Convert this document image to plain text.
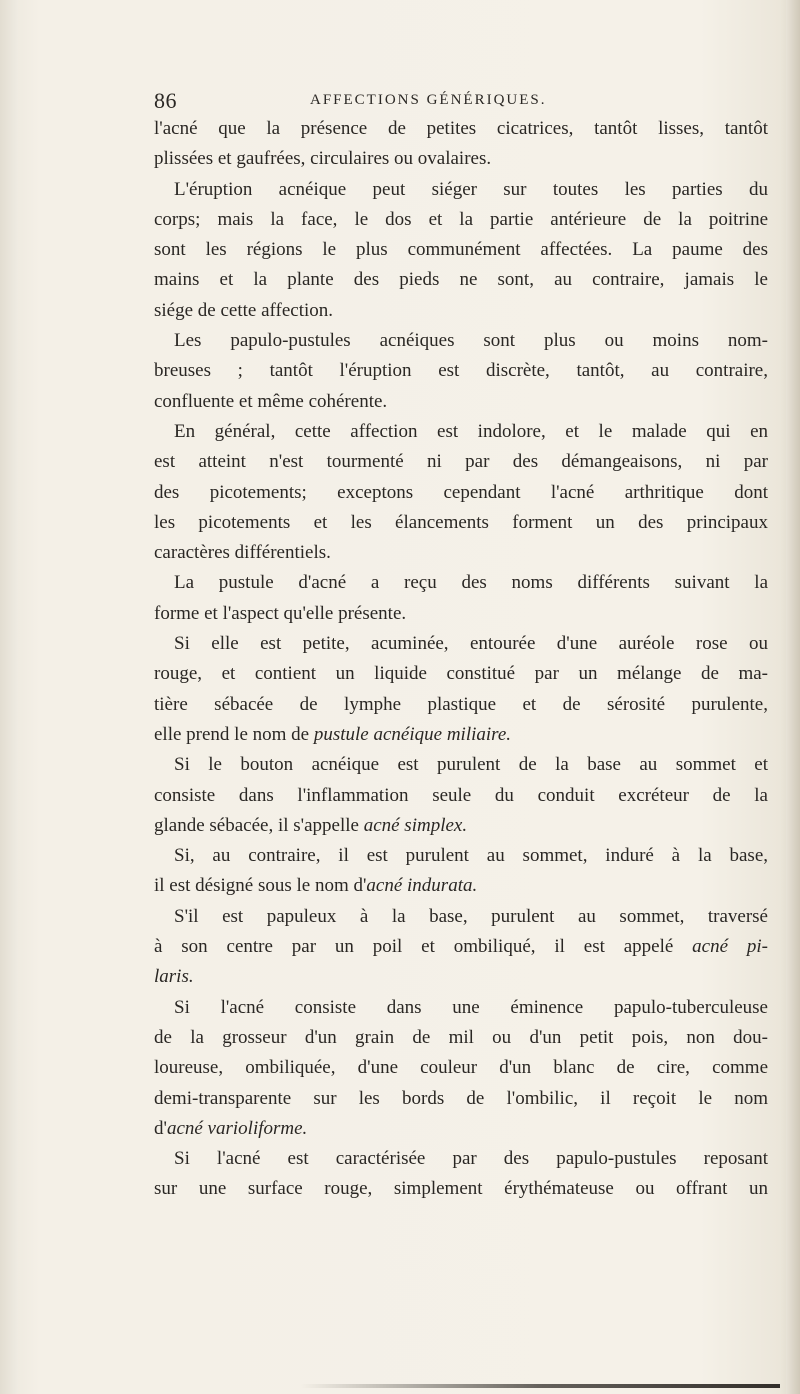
86	AFFECTIONS GÉNÉRIQUES.
l'acné que la présence de petites cicatrices, tantôt lisses, tantôt
plissées et gaufrées, circulaires ou ovalaires.
L'éruption acnéique peut siéger sur toutes les parties du
corps; mais la face, le dos et la partie antérieure de la poitrine
sont les régions le plus communément affectées. La paume des
mains et la plante des pieds ne sont, au contraire, jamais le
siége de cette affection.
Les papulo-pustules acnéiques sont plus ou moins nom-
breuses ; tantôt l'éruption est discrète, tantôt, au contraire,
confluente et même cohérente.
En général, cette affection est indolore, et le malade qui en
est atteint n'est tourmenté ni par des démangeaisons, ni par
des picotements; exceptons cependant l'acné arthritique dont
les picotements et les élancements forment un des principaux
caractères différentiels.
La pustule d'acné a reçu des noms différents suivant la
forme et l'aspect qu'elle présente.
Si elle est petite, acuminée, entourée d'une auréole rose ou
rouge, et contient un liquide constitué par un mélange de ma-
tière sébacée de lymphe plastique et de sérosité purulente,
elle prend le nom de pustule acnéique miliaire.
Si le bouton acnéique est purulent de la base au sommet et
consiste dans l'inflammation seule du conduit excréteur de la
glande sébacée, il s'appelle acné simplex.
Si, au contraire, il est purulent au sommet, induré à la base,
il est désigné sous le nom d'acné indurata.
S'il est papuleux à la base, purulent au sommet, traversé
à son centre par un poil et ombiliqué, il est appelé acné pi-
laris.
Si l'acné consiste dans une éminence papulo-tuberculeuse
de la grosseur d'un grain de mil ou d'un petit pois, non dou-
loureuse, ombiliquée, d'une couleur d'un blanc de cire, comme
demi-transparente sur les bords de l'ombilic, il reçoit le nom
d'acné varioliforme.
Si l'acné est caractérisée par des papulo-pustules reposant
sur une surface rouge, simplement érythémateuse ou offrant un
